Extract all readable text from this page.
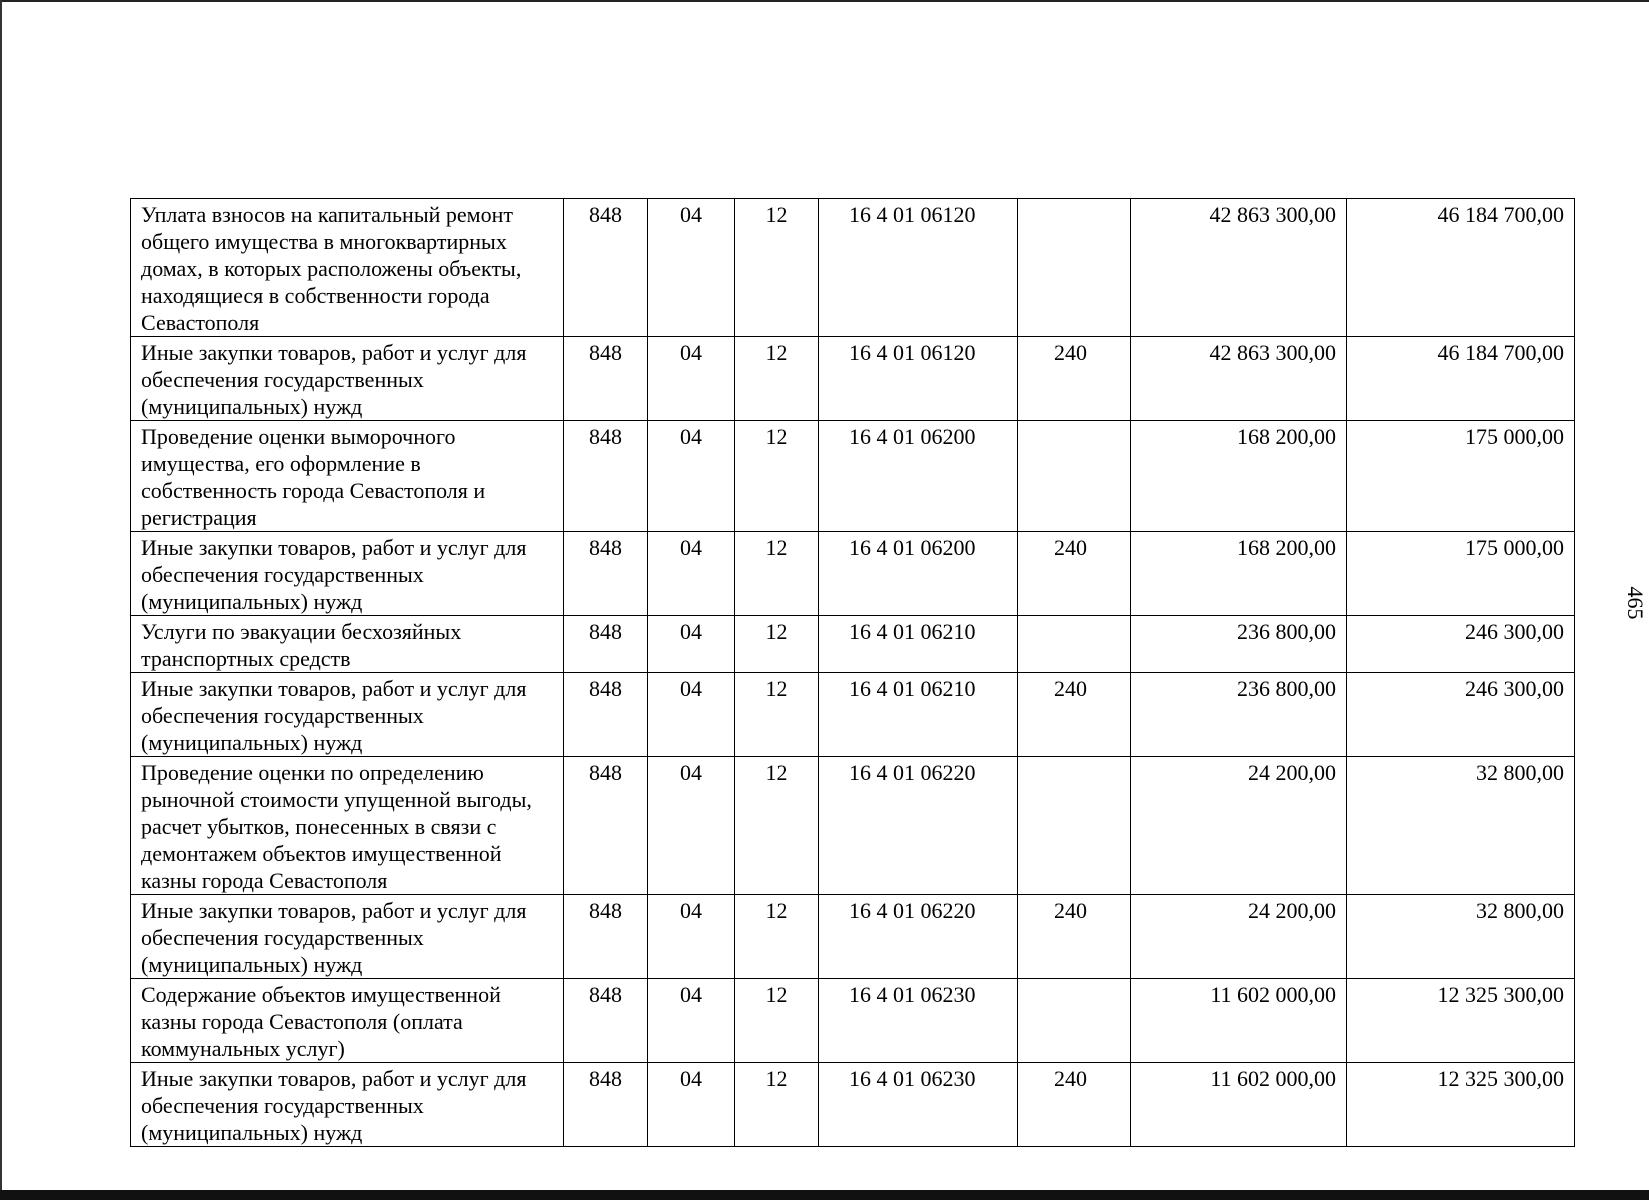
465
Уплата взносов на капитальный ремонт общего имущества в многоквартирных домах, в которых расположены объекты, находящиеся в собственности города Севастополя	848	04	12	16 4 01 06120		42 863 300,00	46 184 700,00
Иные закупки товаров, работ и услуг для обеспечения государственных (муниципальных) нужд	848	04	12	16 4 01 06120	240	42 863 300,00	46 184 700,00
Проведение оценки выморочного имущества, его оформление в собственность города Севастополя и регистрация	848	04	12	16 4 01 06200		168 200,00	175 000,00
Иные закупки товаров, работ и услуг для обеспечения государственных (муниципальных) нужд	848	04	12	16 4 01 06200	240	168 200,00	175 000,00
Услуги по эвакуации бесхозяйных транспортных средств	848	04	12	16 4 01 06210		236 800,00	246 300,00
Иные закупки товаров, работ и услуг для обеспечения государственных (муниципальных) нужд	848	04	12	16 4 01 06210	240	236 800,00	246 300,00
Проведение оценки по определению рыночной стоимости упущенной выгоды, расчет убытков, понесенных в связи с демонтажем объектов имущественной казны города Севастополя	848	04	12	16 4 01 06220		24 200,00	32 800,00
Иные закупки товаров, работ и услуг для обеспечения государственных (муниципальных) нужд	848	04	12	16 4 01 06220	240	24 200,00	32 800,00
Содержание объектов имущественной казны города Севастополя (оплата коммунальных услуг)	848	04	12	16 4 01 06230		11 602 000,00	12 325 300,00
Иные закупки товаров, работ и услуг для обеспечения государственных (муниципальных) нужд	848	04	12	16 4 01 06230	240	11 602 000,00	12 325 300,00
